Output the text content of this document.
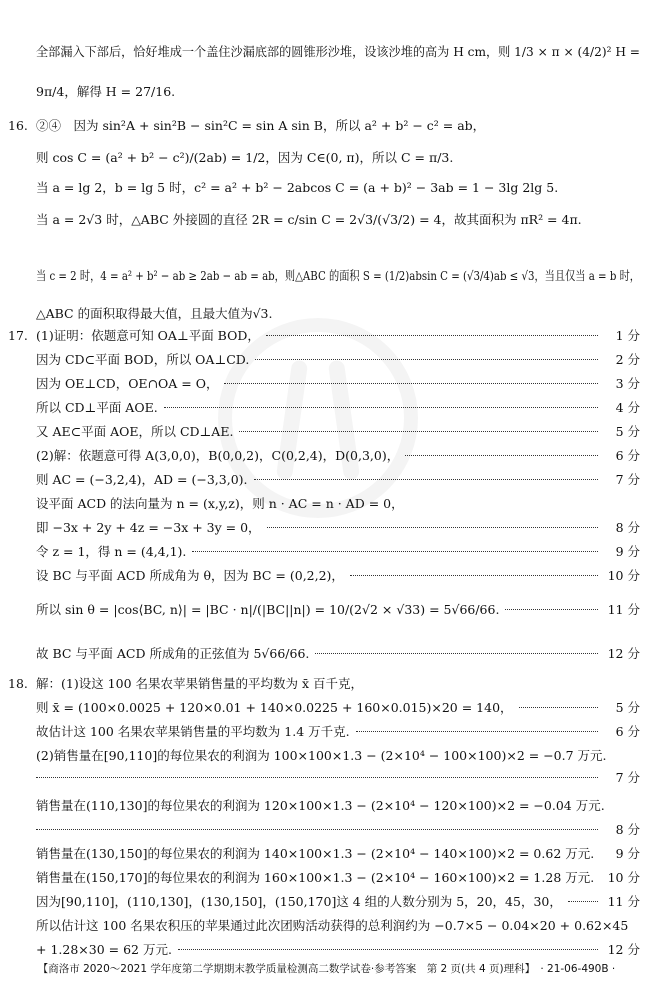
全部漏入下部后，恰好堆成一个盖住沙漏底部的圆锥形沙堆，设该沙堆的高为 H cm，则 1/3 × π × (4/2)² H =
9π/4，解得 H = 27/16.
16. ②④　因为 sin²A + sin²B − sin²C = sin A sin B，所以 a² + b² − c² = ab，
则 cos C = (a² + b² − c²)/(2ab) = 1/2，因为 C∈(0, π)，所以 C = π/3.
当 a = lg 2，b = lg 5 时，c² = a² + b² − 2abcos C = (a + b)² − 3ab = 1 − 3lg 2lg 5.
当 a = 2√3 时，△ABC 外接圆的直径 2R = c/sin C = 2√3/(√3/2) = 4，故其面积为 πR² = 4π.
当 c = 2 时，4 = a² + b² − ab ≥ 2ab − ab = ab，则△ABC 的面积 S = (1/2)absin C = (√3/4)ab ≤ √3，当且仅当 a = b 时，
△ABC 的面积取得最大值，且最大值为√3.
17. (1)证明：依题意可知 OA⊥平面 BOD，	1 分
因为 CD⊂平面 BOD，所以 OA⊥CD.	2 分
因为 OE⊥CD，OE∩OA = O，	3 分
所以 CD⊥平面 AOE.	4 分
又 AE⊂平面 AOE，所以 CD⊥AE.	5 分
(2)解：依题意可得 A(3,0,0)，B(0,0,2)，C(0,2,4)，D(0,3,0)，	6 分
则 AC = (−3,2,4)，AD = (−3,3,0).	7 分
设平面 ACD 的法向量为 n = (x,y,z)，则 n · AC = n · AD = 0，
即 −3x + 2y + 4z = −3x + 3y = 0，	8 分
令 z = 1，得 n = (4,4,1).	9 分
设 BC 与平面 ACD 所成角为 θ，因为 BC = (0,2,2)，	10 分
所以 sin θ = |cos⟨BC, n⟩| = |BC · n|/(|BC||n|) = 10/(2√2 × √33) = 5√66/66.	11 分
故 BC 与平面 ACD 所成角的正弦值为 5√66/66.	12 分
18. 解：(1)设这 100 名果农苹果销售量的平均数为 x̄ 百千克，
则 x̄ = (100×0.0025 + 120×0.01 + 140×0.0225 + 160×0.015)×20 = 140，	5 分
故估计这 100 名果农苹果销售量的平均数为 1.4 万千克.	6 分
(2)销售量在[90,110]的每位果农的利润为 100×100×1.3 − (2×10⁴ − 100×100)×2 = −0.7 万元.
7 分
销售量在(110,130]的每位果农的利润为 120×100×1.3 − (2×10⁴ − 120×100)×2 = −0.04 万元.
8 分
销售量在(130,150]的每位果农的利润为 140×100×1.3 − (2×10⁴ − 140×100)×2 = 0.62 万元.	9 分
销售量在(150,170]的每位果农的利润为 160×100×1.3 − (2×10⁴ − 160×100)×2 = 1.28 万元.	10 分
因为[90,110]，(110,130]，(130,150]，(150,170]这 4 组的人数分别为 5，20，45，30，	11 分
所以估计这 100 名果农积压的苹果通过此次团购活动获得的总利润约为 −0.7×5 − 0.04×20 + 0.62×45
+ 1.28×30 = 62 万元.	12 分
【商洛市 2020～2021 学年度第二学期期末教学质量检测高二数学试卷·参考答案　第 2 页(共 4 页)理科】　· 21-06-490B ·
